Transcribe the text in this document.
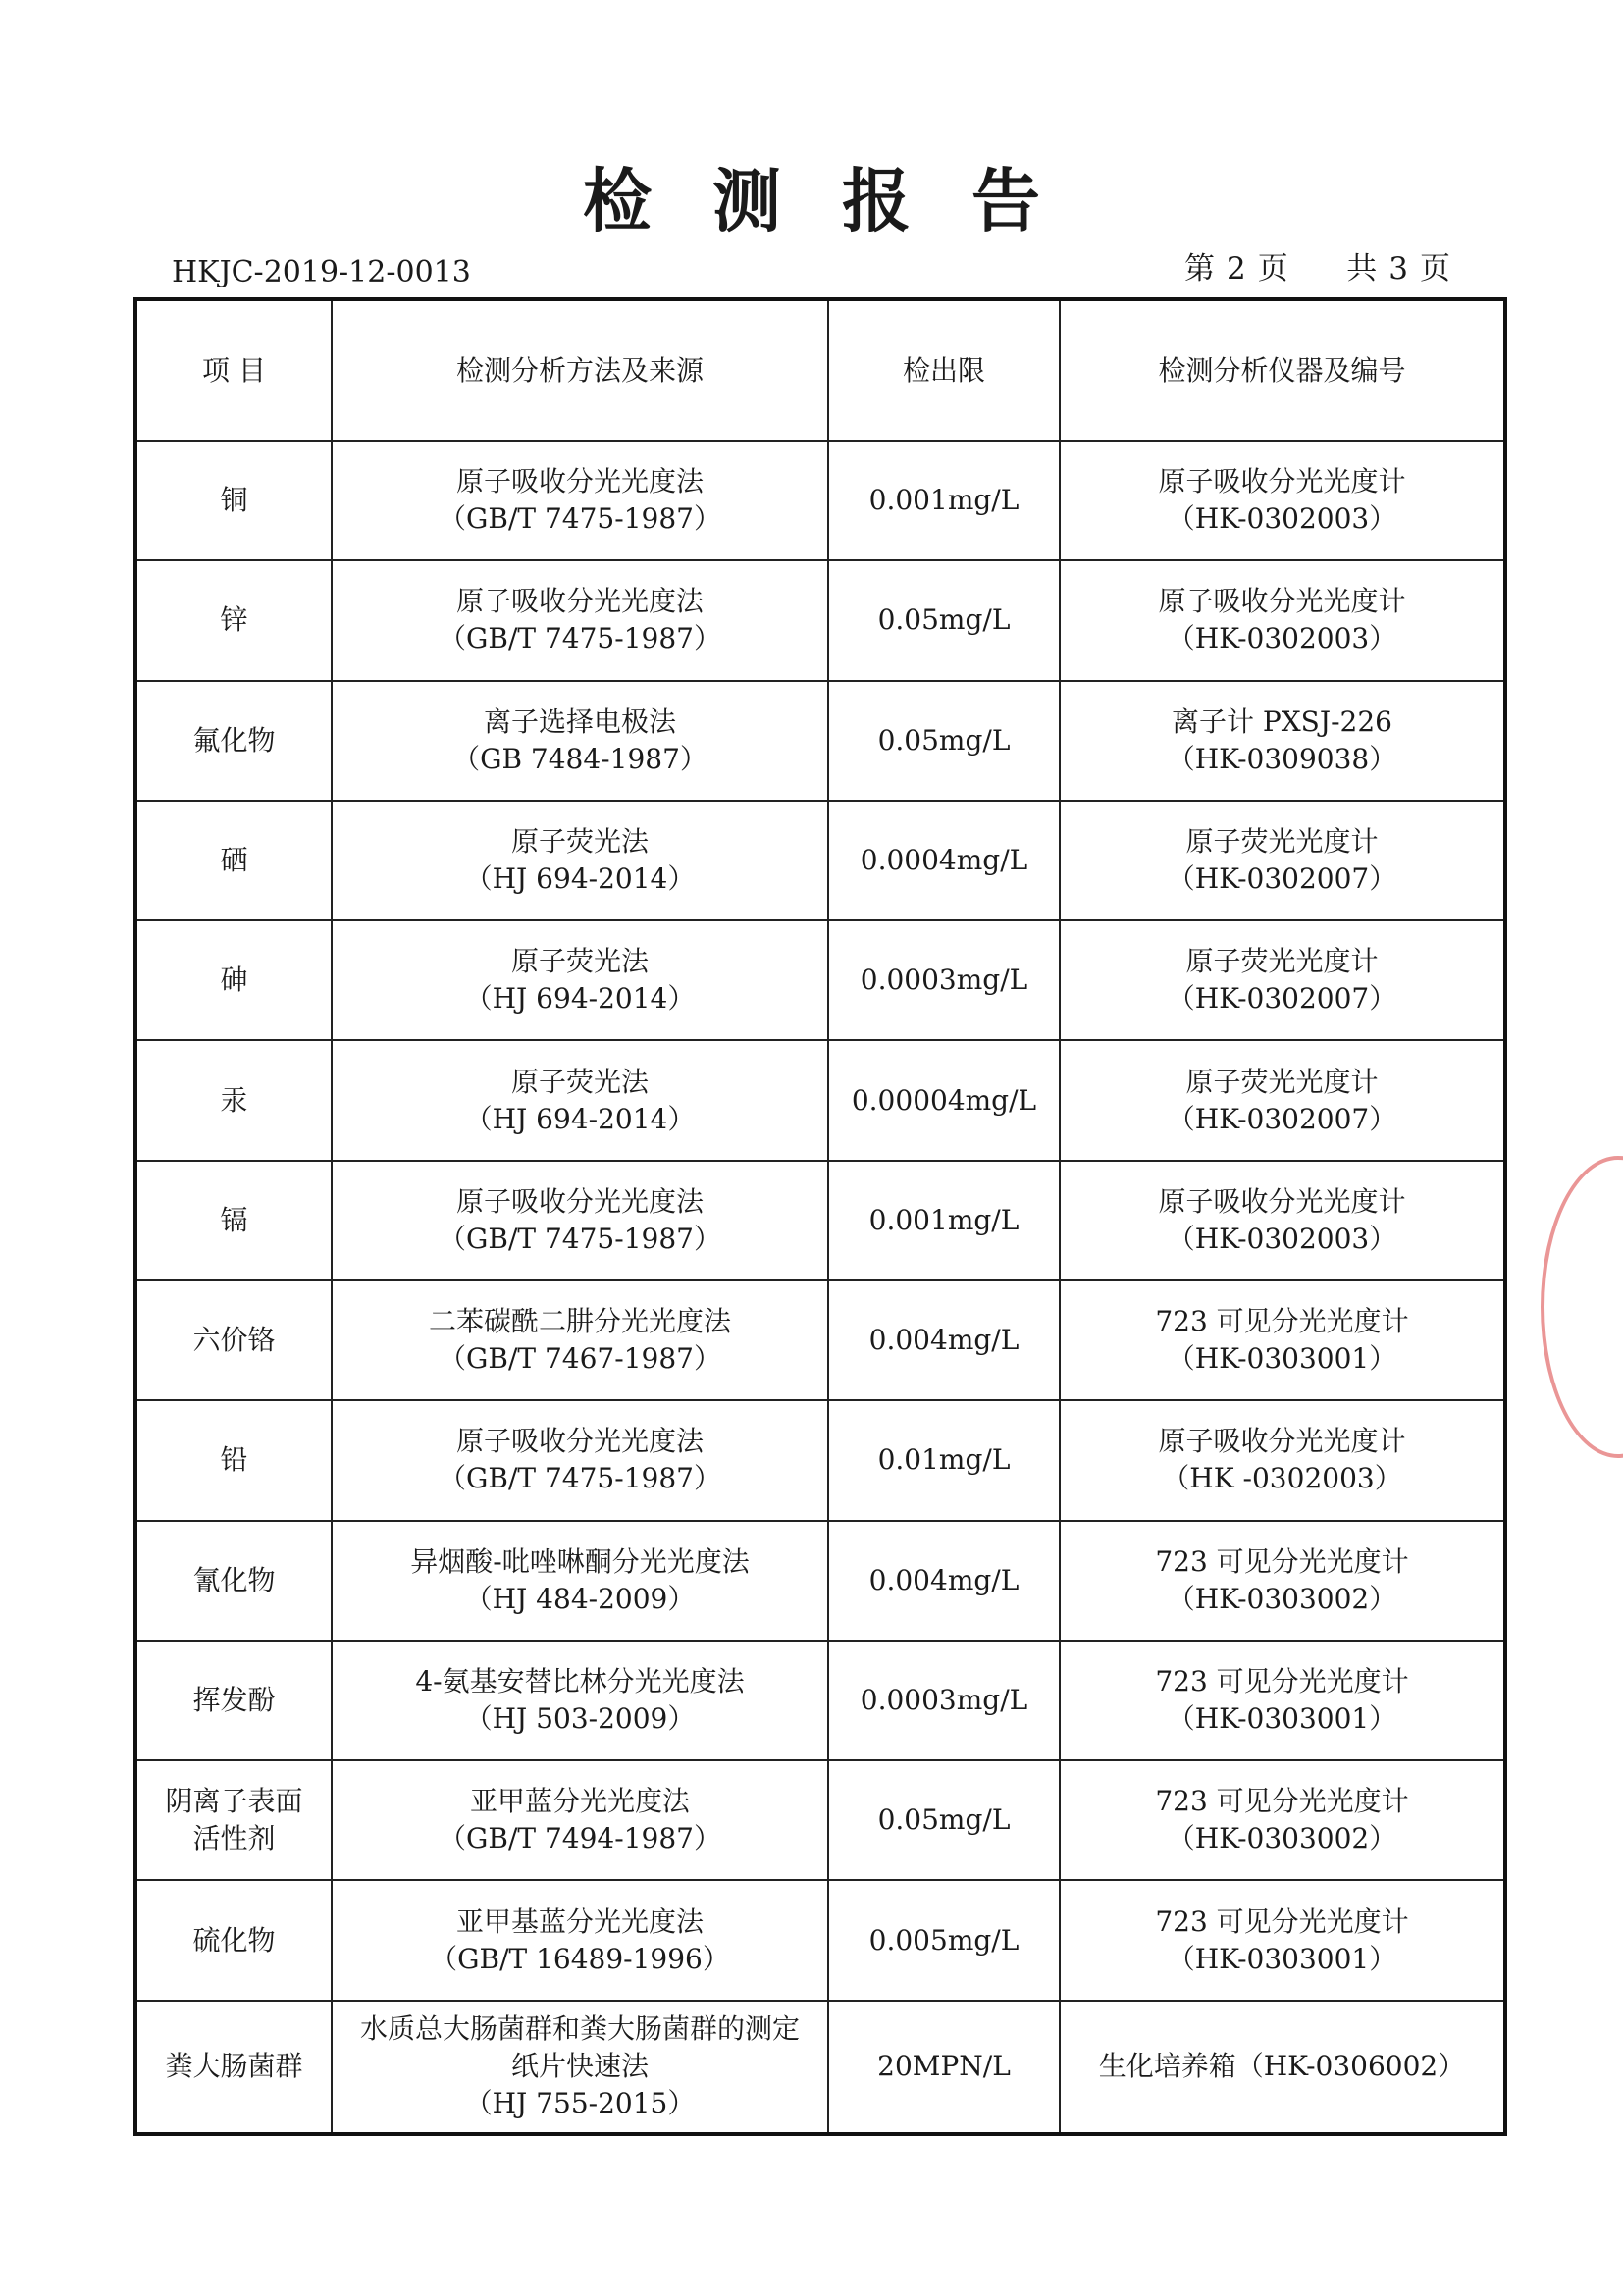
检测报告
HKJC-2019-12-0013	第 2 页 共 3 页
项 目	检测分析方法及来源	检出限	检测分析仪器及编号

铜	原子吸收分光光度法
（GB/T 7475-1987）	0.001mg/L	原子吸收分光光度计
（HK-0302003）

锌	原子吸收分光光度法
（GB/T 7475-1987）	0.05mg/L	原子吸收分光光度计
（HK-0302003）

氟化物	离子选择电极法
（GB 7484-1987）	0.05mg/L	离子计 PXSJ-226
（HK-0309038）

硒	原子荧光法
（HJ 694-2014）	0.0004mg/L	原子荧光光度计
（HK-0302007）

砷	原子荧光法
（HJ 694-2014）	0.0003mg/L	原子荧光光度计
（HK-0302007）

汞	原子荧光法
（HJ 694-2014）	0.00004mg/L	原子荧光光度计
（HK-0302007）

镉	原子吸收分光光度法
（GB/T 7475-1987）	0.001mg/L	原子吸收分光光度计
（HK-0302003）

六价铬	二苯碳酰二肼分光光度法
（GB/T 7467-1987）	0.004mg/L	723 可见分光光度计
（HK-0303001）

铅	原子吸收分光光度法
（GB/T 7475-1987）	0.01mg/L	原子吸收分光光度计
（HK -0302003）

氰化物	异烟酸-吡唑啉酮分光光度法
（HJ 484-2009）	0.004mg/L	723 可见分光光度计
（HK-0303002）

挥发酚	4-氨基安替比林分光光度法
（HJ 503-2009）	0.0003mg/L	723 可见分光光度计
（HK-0303001）

阴离子表面
活性剂	亚甲蓝分光光度法
（GB/T 7494-1987）	0.05mg/L	723 可见分光光度计
（HK-0303002）

硫化物	亚甲基蓝分光光度法
（GB/T 16489-1996）	0.005mg/L	723 可见分光光度计
（HK-0303001）

粪大肠菌群	水质总大肠菌群和粪大肠菌群的测定
纸片快速法
（HJ 755-2015）	20MPN/L	生化培养箱（HK-0306002）
